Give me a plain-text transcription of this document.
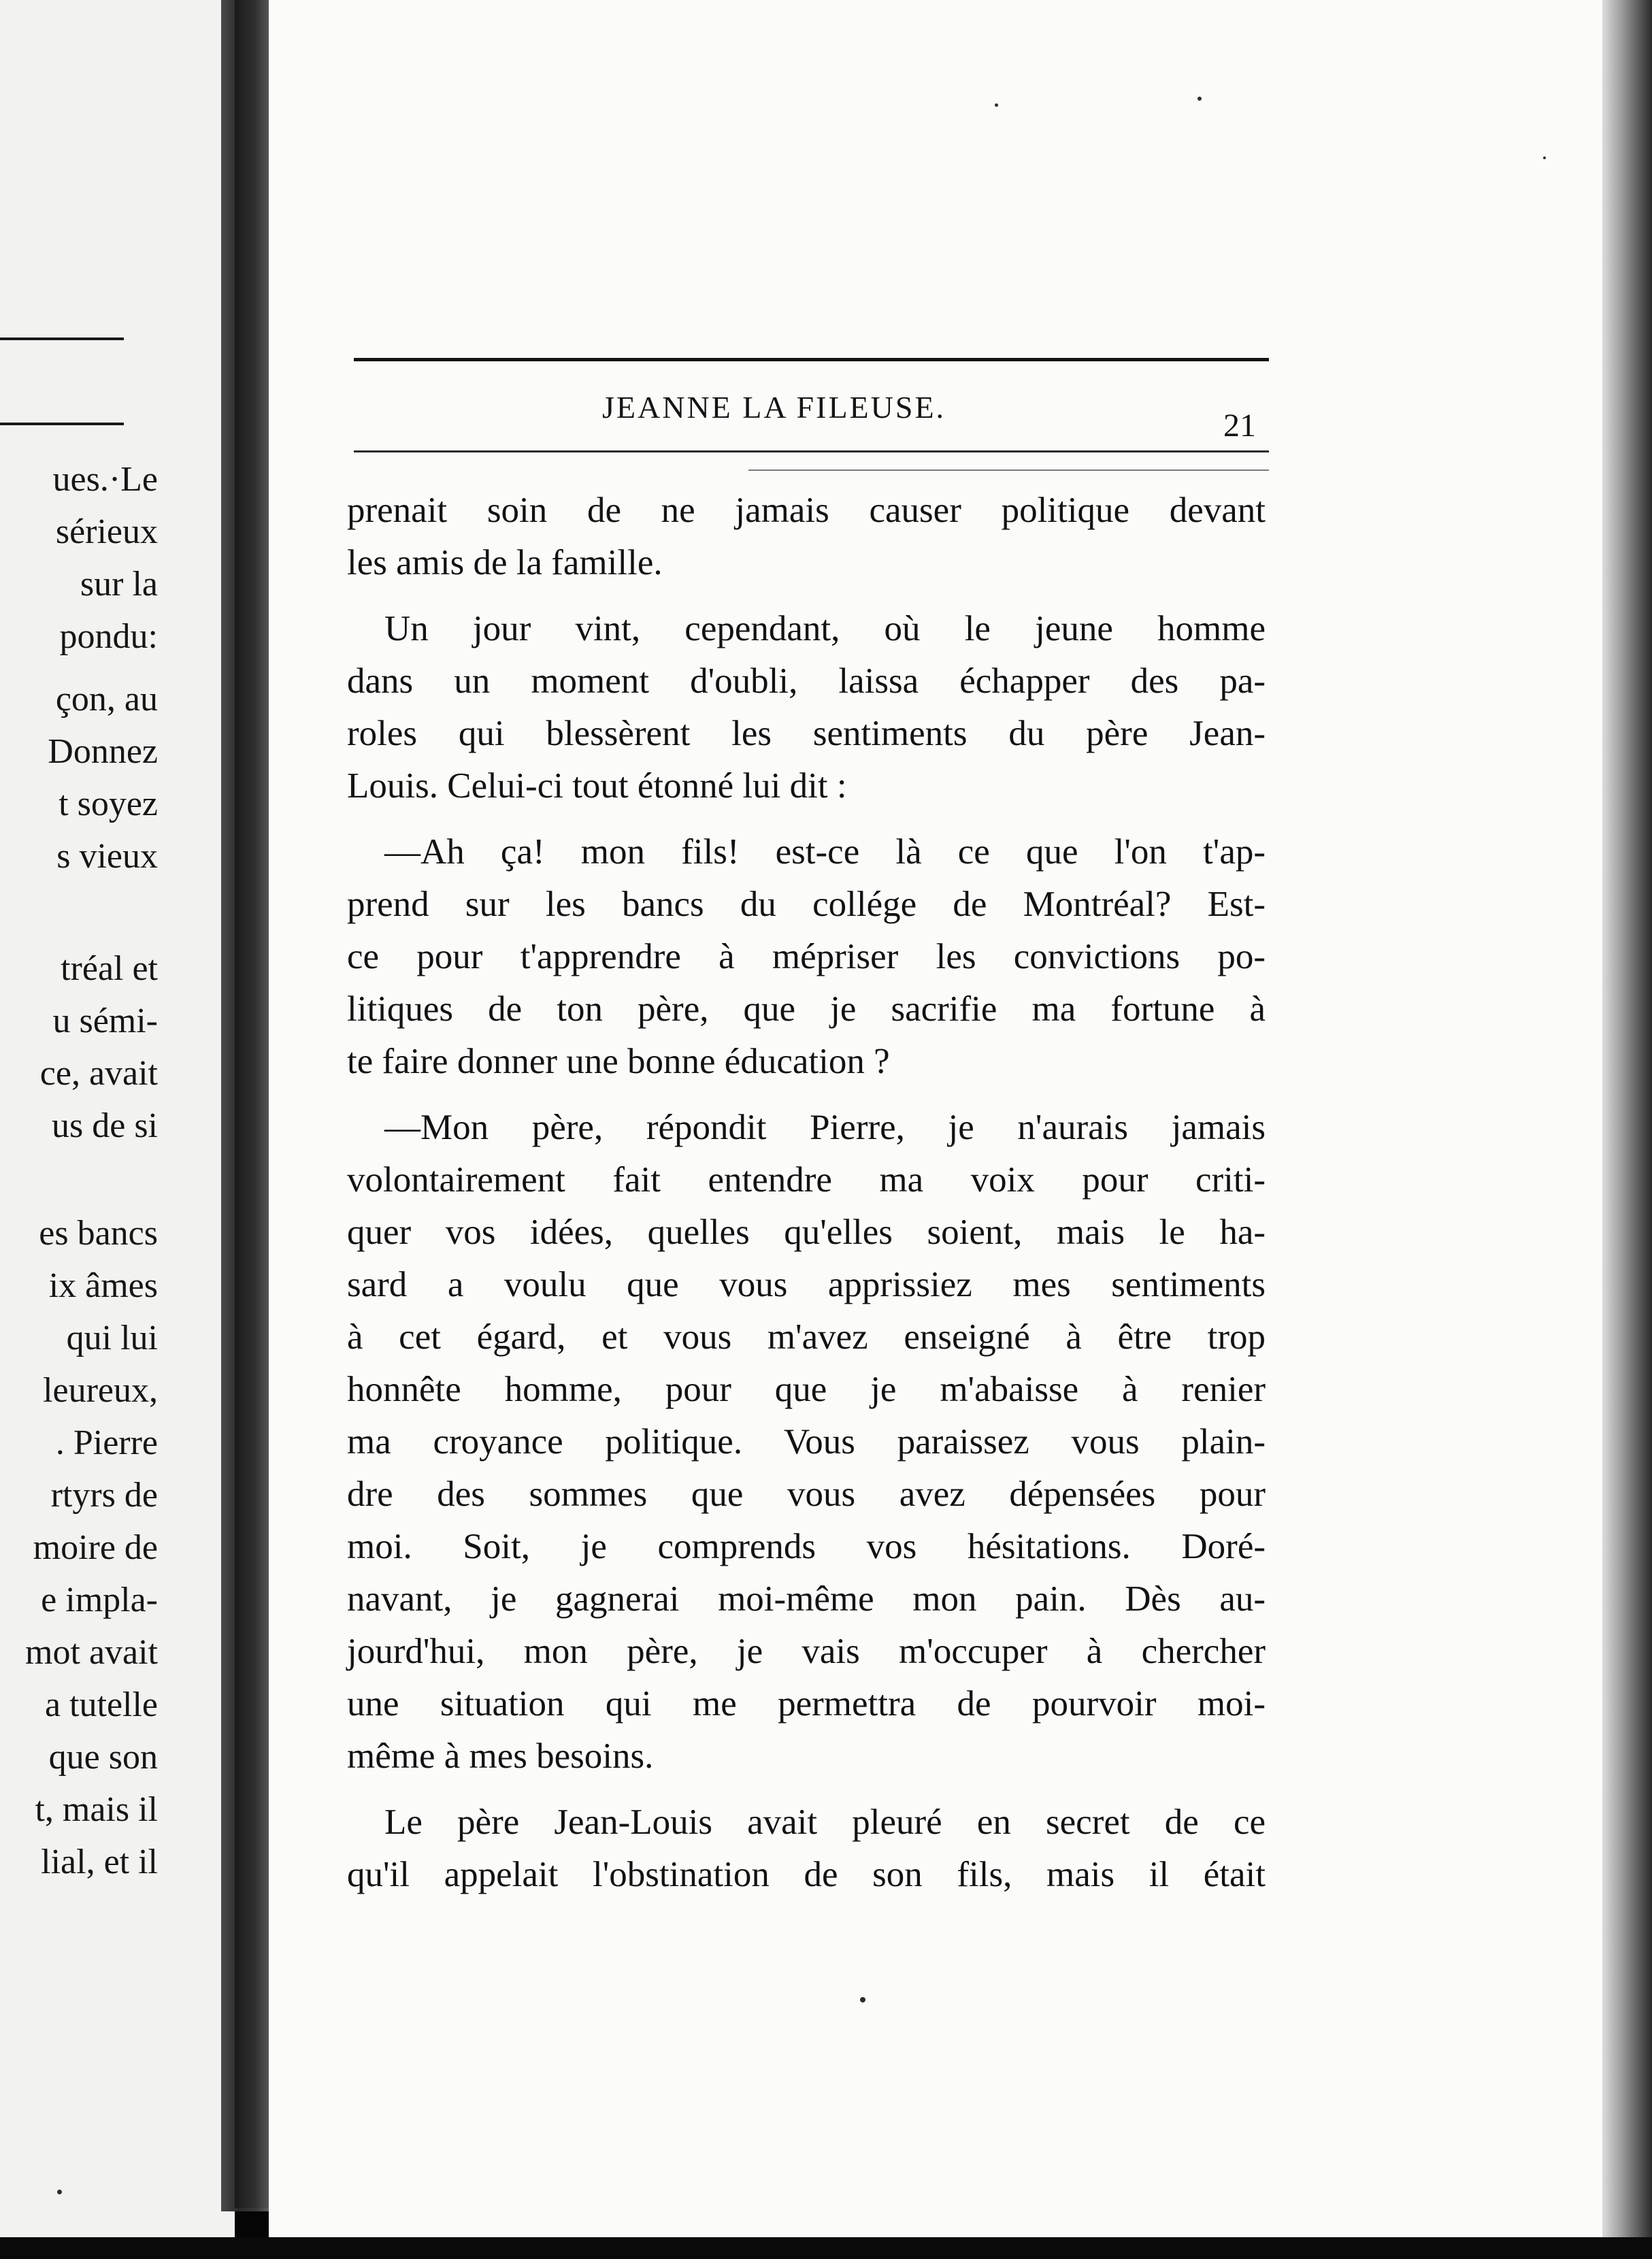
ues.·Le
sérieux
sur la
pondu:
çon, au
Donnez
t soyez
s vieux
tréal et
u sémi-
ce, avait
us de si
es bancs
ix âmes
qui lui
leureux,
. Pierre
rtyrs de
moire de
e impla-
mot avait
a tutelle
que son
t, mais il
lial, et il
JEANNE LA FILEUSE.
21
prenait soin de ne jamais causer politique devant
les amis de la famille.
Un jour vint, cependant, où le jeune homme
dans un moment d'oubli, laissa échapper des pa-
roles qui blessèrent les sentiments du père Jean-
Louis. Celui-ci tout étonné lui dit :
—Ah ça! mon fils! est-ce là ce que l'on t'ap-
prend sur les bancs du collége de Montréal? Est-
ce pour t'apprendre à mépriser les convictions po-
litiques de ton père, que je sacrifie ma fortune à
te faire donner une bonne éducation ?
—Mon père, répondit Pierre, je n'aurais jamais
volontairement fait entendre ma voix pour criti-
quer vos idées, quelles qu'elles soient, mais le ha-
sard a voulu que vous apprissiez mes sentiments
à cet égard, et vous m'avez enseigné à être trop
honnête homme, pour que je m'abaisse à renier
ma croyance politique. Vous paraissez vous plain-
dre des sommes que vous avez dépensées pour
moi. Soit, je comprends vos hésitations. Doré-
navant, je gagnerai moi-même mon pain. Dès au-
jourd'hui, mon père, je vais m'occuper à chercher
une situation qui me permettra de pourvoir moi-
même à mes besoins.
Le père Jean-Louis avait pleuré en secret de ce
qu'il appelait l'obstination de son fils, mais il était
